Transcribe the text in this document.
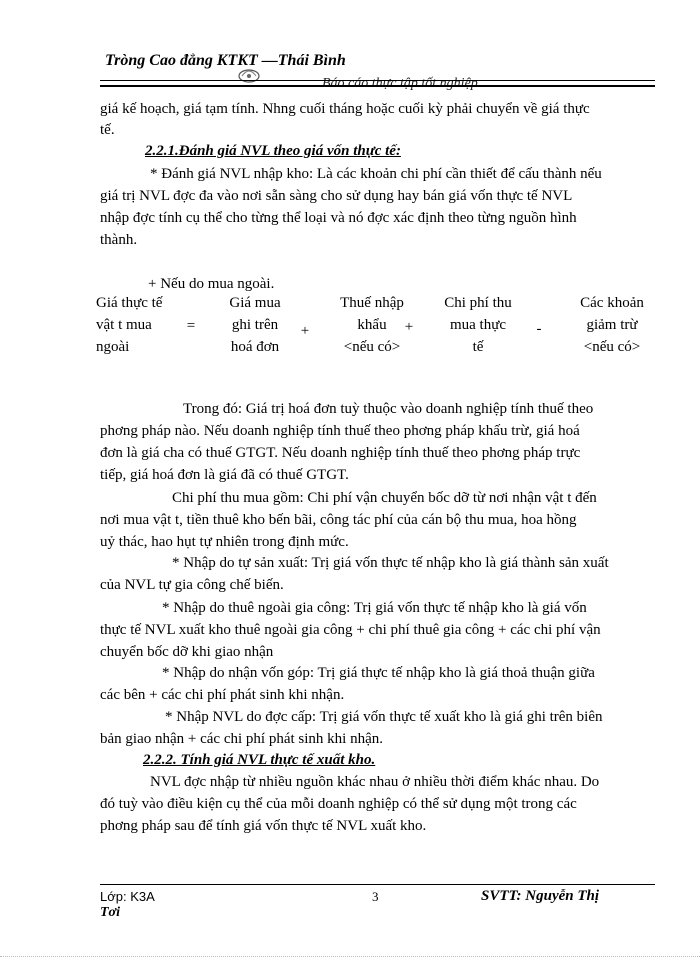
Tròng Cao đẳng KTKT —Thái Bình
Báo cáo thực tập tốt nghiệp
giá kế hoạch, giá tạm tính. Nhng cuối tháng hoặc cuối kỳ phải chuyển về giá thực
tế.
2.2.1.Đánh giá NVL theo giá vốn thực tế:
* Đánh giá NVL nhập kho: Là các khoản chi phí cần thiết để cấu thành nếu
giá trị NVL đợc đa vào nơi sẵn sàng cho sử dụng hay bán giá vốn thực tế NVL
nhập đợc tính cụ thể cho từng thể loại và nó đợc xác định theo từng nguồn hình
thành.
+ Nếu do mua ngoài.
Giá thực tế
vật t mua
ngoài
=
Giá mua
ghi trên
hoá đơn
+
Thuế nhập
khẩu
<nếu có>
+
Chi phí thu
mua thực
tế
-
Các khoản
giảm trừ
<nếu có>
Trong đó: Giá trị hoá đơn tuỳ thuộc vào doanh nghiệp tính thuế theo
phơng pháp nào. Nếu doanh nghiệp tính thuế theo phơng pháp khấu trừ, giá hoá
đơn là giá cha có thuế GTGT. Nếu doanh nghiệp tính thuế theo phơng pháp trực
tiếp, giá hoá đơn là giá đã có thuế GTGT.
Chi phí thu mua gồm: Chi phí vận chuyển bốc dỡ từ nơi nhận vật t đến
nơi mua vật t, tiền thuê kho bến bãi, công tác phí của cán bộ thu mua, hoa hồng
uỷ thác, hao hụt tự nhiên trong định mức.
* Nhập do tự sản xuất: Trị giá vốn thực tế nhập kho là giá thành sản xuất
của NVL tự gia công chế biến.
* Nhập do thuê ngoài gia công: Trị giá vốn thực tế nhập kho là giá vốn
thực tế NVL xuất kho thuê ngoài gia công + chi phí thuê gia công + các chi phí vận
chuyển bốc dỡ khi giao nhận
* Nhập do nhận vốn góp: Trị giá thực tế nhập kho là giá thoả thuận giữa
các bên + các chi phí phát sinh khi nhận.
* Nhập NVL do đợc cấp: Trị giá vốn thực tế xuất kho là giá ghi trên biên
bản giao nhận + các chi phí phát sinh khi nhận.
2.2.2. Tính giá NVL thực tế xuất kho.
NVL đợc nhập từ nhiều nguồn khác nhau ở nhiều thời điểm khác nhau. Do
đó tuỳ vào điều kiện cụ thể của mỗi doanh nghiệp có thể sử dụng một trong các
phơng pháp sau để tính giá vốn thực tế NVL xuất kho.
Lớp: K3A	3	SVTT: Nguyễn Thị
Tơi
